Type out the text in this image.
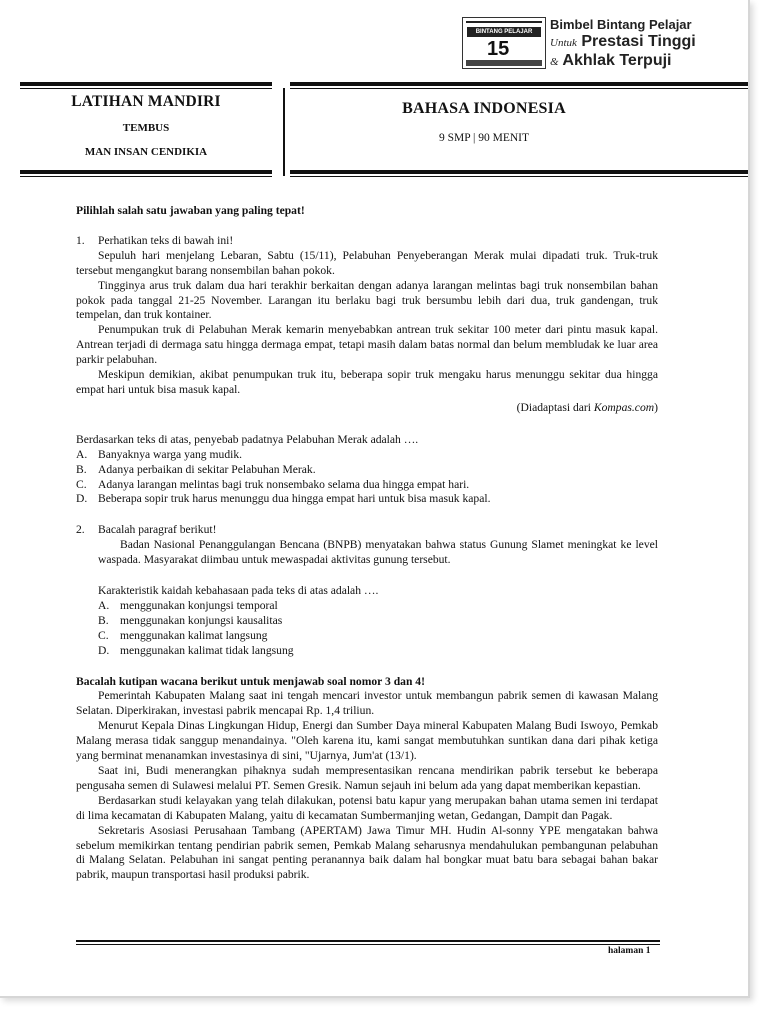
BINTANG PELAJAR
15
Bimbel Bintang Pelajar
Untuk Prestasi Tinggi
& Akhlak Terpuji
LATIHAN MANDIRI
TEMBUS
MAN INSAN CENDIKIA
BAHASA INDONESIA
9 SMP | 90 MENIT

Pilihlah salah satu jawaban yang paling tepat!

1.	Perhatikan teks di bawah ini!

Sepuluh hari menjelang Lebaran, Sabtu (15/11), Pelabuhan Penyeberangan Merak mulai dipadati truk. Truk-truk tersebut mengangkut barang nonsembilan bahan pokok.

Tingginya arus truk dalam dua hari terakhir berkaitan dengan adanya larangan melintas bagi truk nonsembilan bahan pokok pada tanggal 21-25 November. Larangan itu berlaku bagi truk bersumbu lebih dari dua, truk gandengan, truk tempelan, dan truk kontainer.

Penumpukan truk di Pelabuhan Merak kemarin menyebabkan antrean truk sekitar 100 meter dari pintu masuk kapal. Antrean terjadi di dermaga satu hingga dermaga empat, tetapi masih dalam batas normal dan belum membludak ke luar area parkir pelabuhan.

Meskipun demikian, akibat penumpukan truk itu, beberapa sopir truk mengaku harus menunggu sekitar dua hingga empat hari untuk bisa masuk kapal.

(Diadaptasi dari Kompas.com)

Berdasarkan teks di atas, penyebab padatnya Pelabuhan Merak adalah ….

A. Banyaknya warga yang mudik.
B. Adanya perbaikan di sekitar Pelabuhan Merak.
C. Adanya larangan melintas bagi truk nonsembako selama dua hingga empat hari.
D. Beberapa sopir truk harus menunggu dua hingga empat hari untuk bisa masuk kapal.
2.	Bacalah paragraf berikut!

Badan Nasional Penanggulangan Bencana (BNPB) menyatakan bahwa status Gunung Slamet meningkat ke level waspada. Masyarakat diimbau untuk mewaspadai aktivitas gunung tersebut.

Karakteristik kaidah kebahasaan pada teks di atas adalah ….

A. menggunakan konjungsi temporal
B. menggunakan konjungsi kausalitas
C. menggunakan kalimat langsung
D. menggunakan kalimat tidak langsung

Bacalah kutipan wacana berikut untuk menjawab soal nomor 3 dan 4!

Pemerintah Kabupaten Malang saat ini tengah mencari investor untuk membangun pabrik semen di kawasan Malang Selatan. Diperkirakan, investasi pabrik mencapai Rp. 1,4 triliun.

Menurut Kepala Dinas Lingkungan Hidup, Energi dan Sumber Daya mineral Kabupaten Malang Budi Iswoyo, Pemkab Malang merasa tidak sanggup menandainya. "Oleh karena itu, kami sangat membutuhkan suntikan dana dari pihak ketiga yang berminat menanamkan investasinya di sini, "Ujarnya, Jum'at (13/1).

Saat ini, Budi menerangkan pihaknya sudah mempresentasikan rencana mendirikan pabrik tersebut ke beberapa pengusaha semen di Sulawesi melalui PT. Semen Gresik. Namun sejauh ini belum ada yang dapat memberikan kepastian.

Berdasarkan studi kelayakan yang telah dilakukan, potensi batu kapur yang merupakan bahan utama semen ini terdapat di lima kecamatan di Kabupaten Malang, yaitu di kecamatan Sumbermanjing wetan, Gedangan, Dampit dan Pagak.

Sekretaris Asosiasi Perusahaan Tambang (APERTAM) Jawa Timur MH. Hudin Al-sonny YPE mengatakan bahwa sebelum memikirkan tentang pendirian pabrik semen, Pemkab Malang seharusnya mendahulukan pembangunan pelabuhan di Malang Selatan. Pelabuhan ini sangat penting peranannya baik dalam hal bongkar muat batu bara sebagai bahan bakar pabrik, maupun transportasi hasil produksi pabrik.

halaman 1
